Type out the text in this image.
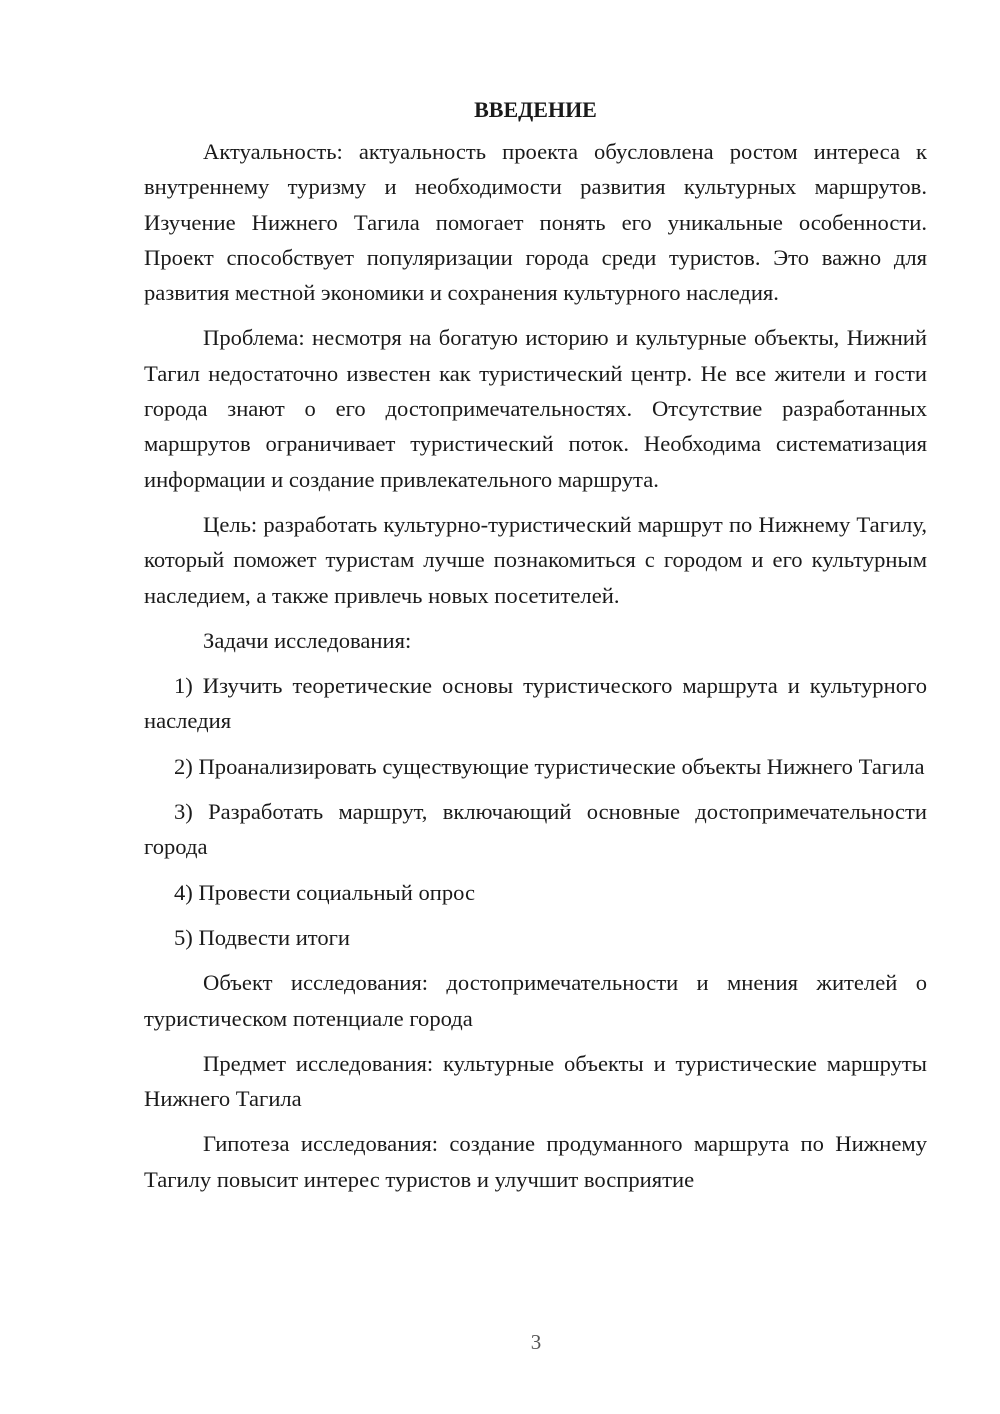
ВВЕДЕНИЕ

Актуальность: актуальность проекта обусловлена ростом интереса к внутреннему туризму и необходимости развития культурных маршрутов. Изучение Нижнего Тагила помогает понять его уникальные особенности. Проект способствует популяризации города среди туристов. Это важно для развития местной экономики и сохранения культурного наследия.

Проблема: несмотря на богатую историю и культурные объекты, Нижний Тагил недостаточно известен как туристический центр. Не все жители и гости города знают о его достопримечательностях. Отсутствие разработанных маршрутов ограничивает туристический поток. Необходима систематизация информации и создание привлекательного маршрута.

Цель: разработать культурно-туристический маршрут по Нижнему Тагилу, который поможет туристам лучше познакомиться с городом и его культурным наследием, а также привлечь новых посетителей.

Задачи исследования:

1) Изучить теоретические основы туристического маршрута и культурного наследия

2) Проанализировать существующие туристические объекты Нижнего Тагила

3) Разработать маршрут, включающий основные достопримечательности города

4) Провести социальный опрос

5) Подвести итоги

Объект исследования: достопримечательности и мнения жителей о туристическом потенциале города

Предмет исследования: культурные объекты и туристические маршруты Нижнего Тагила

Гипотеза исследования: создание продуманного маршрута по Нижнему Тагилу повысит интерес туристов и улучшит восприятие

3
